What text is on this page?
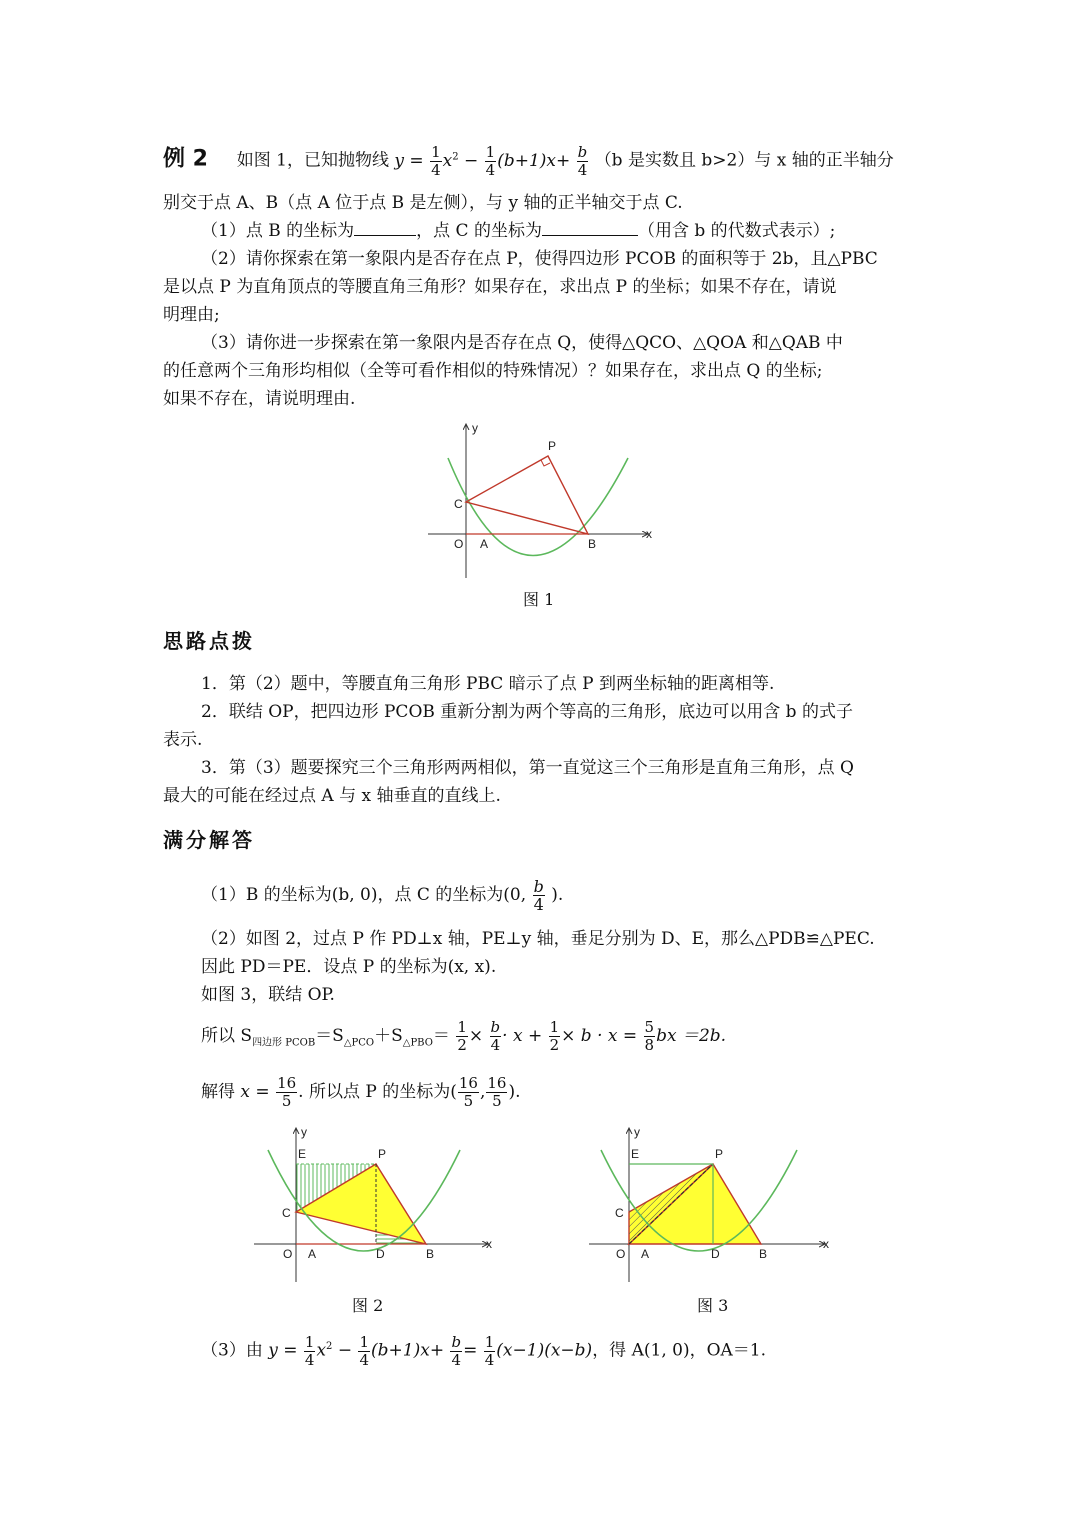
例 2 如图 1，已知抛物线 $y = \frac{1}{4} x^2 - \frac{1}{4} (b+1)x+ \frac{b}{4} (b$ 是实数且 b>2）与 x 轴的正半轴分
别交于点 A、B（点 A 位于点 B 是左侧），与 y 轴的正半轴交于点 C.
（1）点 B 的坐标为	，点 C 的坐标为	（用含 b 的代数式表示）;
（2）请你探索在第一象限内是否存在点 P，使得四边形 PCOB 的面积等于 2b，且△PBC
是以点 P 为直角顶点的等腰直角三角形？如果存在，求出点 P 的坐标；如果不存在，请说
明理由;
（3）请你进一步探索在第一象限内是否存在点 Q，使得△QCO、△QOA 和△QAB 中
的任意两个三角形均相似（全等可看作相似的特殊情况）？如果存在，求出点 Q 的坐标;
如果不存在，请说明理由.
y
x
O A	B
C
P
图 1
思路点拨
1．第（2）题中，等腰直角三角形 PBC 暗示了点 P 到两坐标轴的距离相等.
2．联结 OP，把四边形 PCOB 重新分割为两个等高的三角形，底边可以用含 b 的式子
表示.
3．第（3）题要探究三个三角形两两相似，第一直觉这三个三角形是直角三角形，点 Q
最大的可能在经过点 A 与 x 轴垂直的直线上.
满分解答
（1）B 的坐标为(b, 0)，点 C 的坐标为(0, $\frac{b}{4}$ ).
（2）如图 2，过点 P 作 PD⊥x 轴，PE⊥y 轴，垂足分别为 D、E，那么△PDB≌△PEC.
因此 PD＝PE．设点 P 的坐标为(x, x).
如图 3，联结 OP.
所以 $S_{四边形 PCOB}=S_{\triangle PCO}+S_{\triangle PBO}= \frac{1}{2} \times \frac{b}{4} \cdot x + \frac{1}{2} \times b \cdot x = \frac{5}{8}$ bx ＝2b.
解得 $x = \frac{16}{5}$ . 所以点 P 的坐标为( $\frac{16}{5}$ , $\frac{16}{5}$ ).
y
x
E	P
C
O A	D	B
图 2
y
x
E	P
C
O A	D	B
图 3
（3）由 $y = \frac{1}{4} x^2 - \frac{1}{4} (b+1)x+ \frac{b}{4} = \frac{1}{4} (x-1)(x-b)$，得 A(1, 0)，OA＝1.
